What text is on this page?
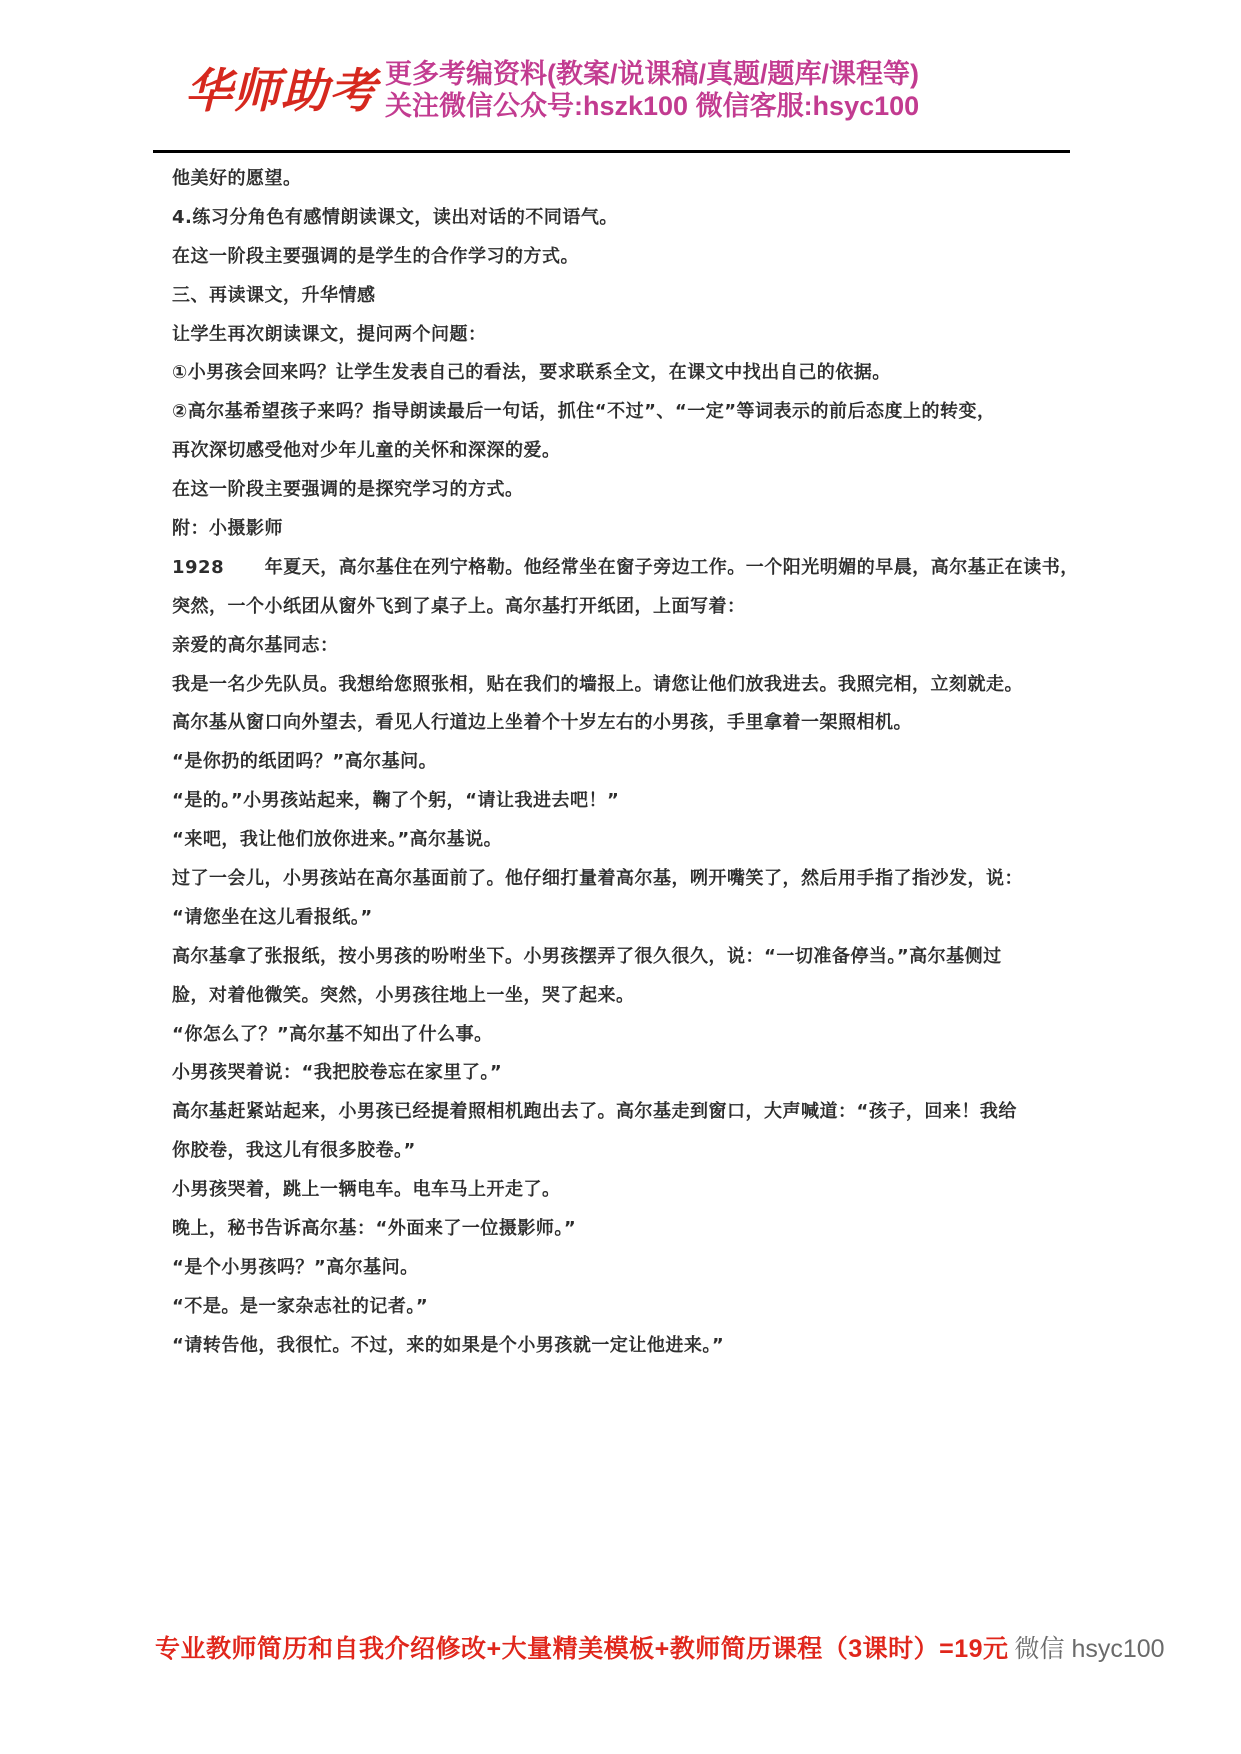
华师助考 更多考编资料(教案/说课稿/真题/题库/课程等)
关注微信公众号:hszk100 微信客服:hsyc100
他美好的愿望。
4.练习分角色有感情朗读课文，读出对话的不同语气。
在这一阶段主要强调的是学生的合作学习的方式。
三、再读课文，升华情感
让学生再次朗读课文，提问两个问题：
①小男孩会回来吗？让学生发表自己的看法，要求联系全文，在课文中找出自己的依据。
②高尔基希望孩子来吗？指导朗读最后一句话，抓住“不过”、“一定”等词表示的前后态度上的转变，
再次深切感受他对少年儿童的关怀和深深的爱。
在这一阶段主要强调的是探究学习的方式。
附：小摄影师
1928      年夏天，高尔基住在列宁格勒。他经常坐在窗子旁边工作。一个阳光明媚的早晨，高尔基正在读书，
突然，一个小纸团从窗外飞到了桌子上。高尔基打开纸团，上面写着：
亲爱的高尔基同志：
我是一名少先队员。我想给您照张相，贴在我们的墙报上。请您让他们放我进去。我照完相，立刻就走。
高尔基从窗口向外望去，看见人行道边上坐着个十岁左右的小男孩，手里拿着一架照相机。
“是你扔的纸团吗？”高尔基问。
“是的。”小男孩站起来，鞠了个躬，“请让我进去吧！”
“来吧，我让他们放你进来。”高尔基说。
过了一会儿，小男孩站在高尔基面前了。他仔细打量着高尔基，咧开嘴笑了，然后用手指了指沙发，说：
“请您坐在这儿看报纸。”
高尔基拿了张报纸，按小男孩的吩咐坐下。小男孩摆弄了很久很久，说：“一切准备停当。”高尔基侧过
脸，对着他微笑。突然，小男孩往地上一坐，哭了起来。
“你怎么了？”高尔基不知出了什么事。
小男孩哭着说：“我把胶卷忘在家里了。”
高尔基赶紧站起来，小男孩已经提着照相机跑出去了。高尔基走到窗口，大声喊道：“孩子，回来！我给
你胶卷，我这儿有很多胶卷。”
小男孩哭着，跳上一辆电车。电车马上开走了。
晚上，秘书告诉高尔基：“外面来了一位摄影师。”
“是个小男孩吗？”高尔基问。
“不是。是一家杂志社的记者。”
“请转告他，我很忙。不过，来的如果是个小男孩就一定让他进来。”
专业教师简历和自我介绍修改+大量精美模板+教师简历课程（3课时）=19元 微信 hsyc100
